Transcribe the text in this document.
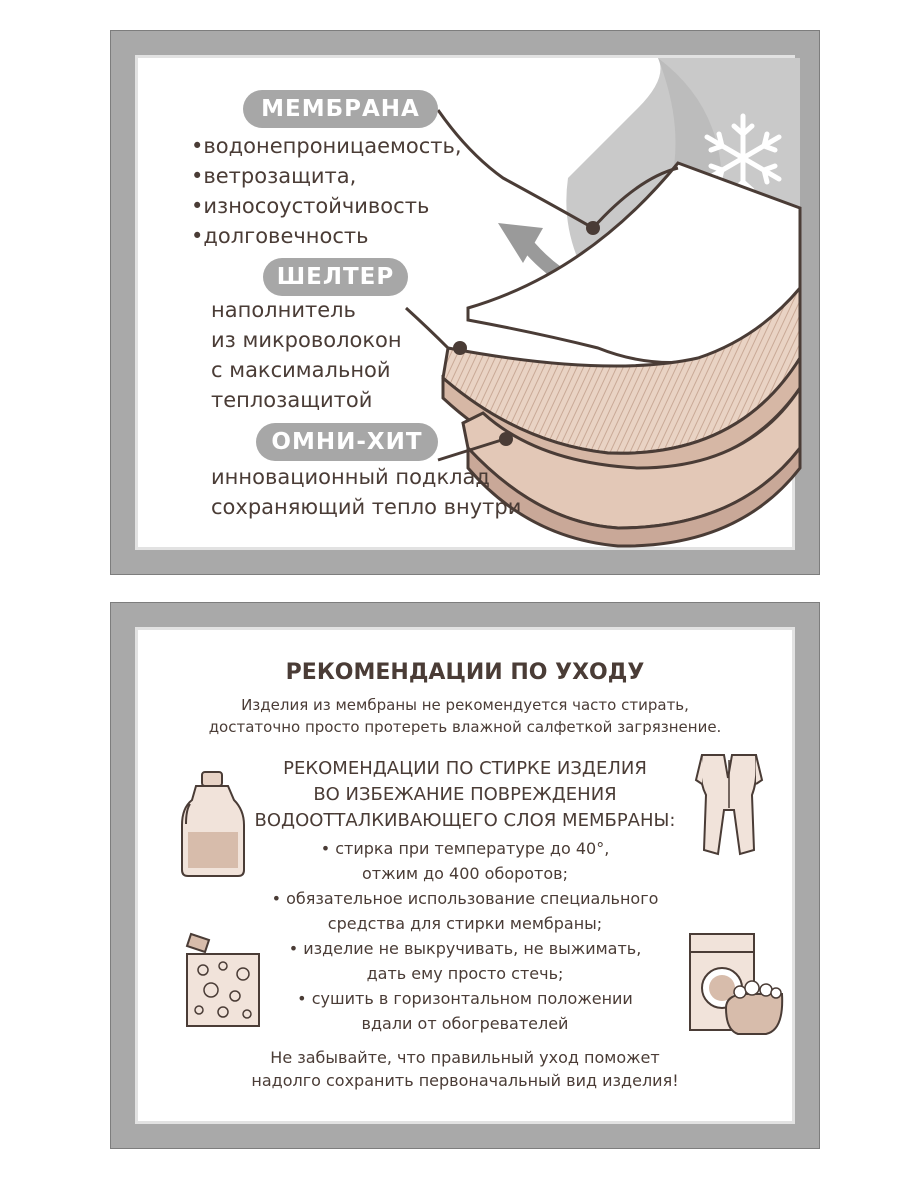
МЕМБРАНА
• водонепроницаемость,
• ветрозащита,
• износоустойчивость
• долговечность
ШЕЛТЕР
наполнитель
из микроволокон
с максимальной
теплозащитой
ОМНИ-ХИТ
инновационный подклад
сохраняющий тепло внутри
РЕКОМЕНДАЦИИ ПО УХОДУ
Изделия из мембраны не рекомендуется часто стирать,
достаточно просто протереть влажной салфеткой загрязнение.
РЕКОМЕНДАЦИИ ПО СТИРКЕ ИЗДЕЛИЯ
ВО ИЗБЕЖАНИЕ ПОВРЕЖДЕНИЯ
ВОДООТТАЛКИВАЮЩЕГО СЛОЯ МЕМБРАНЫ:
• стирка при температуре до 40°,
отжим до 400 оборотов;
• обязательное использование специального
средства для стирки мембраны;
• изделие не выкручивать, не выжимать,
дать ему просто стечь;
• сушить в горизонтальном положении
вдали от обогревателей
Не забывайте, что правильный уход поможет
надолго сохранить первоначальный вид изделия!
